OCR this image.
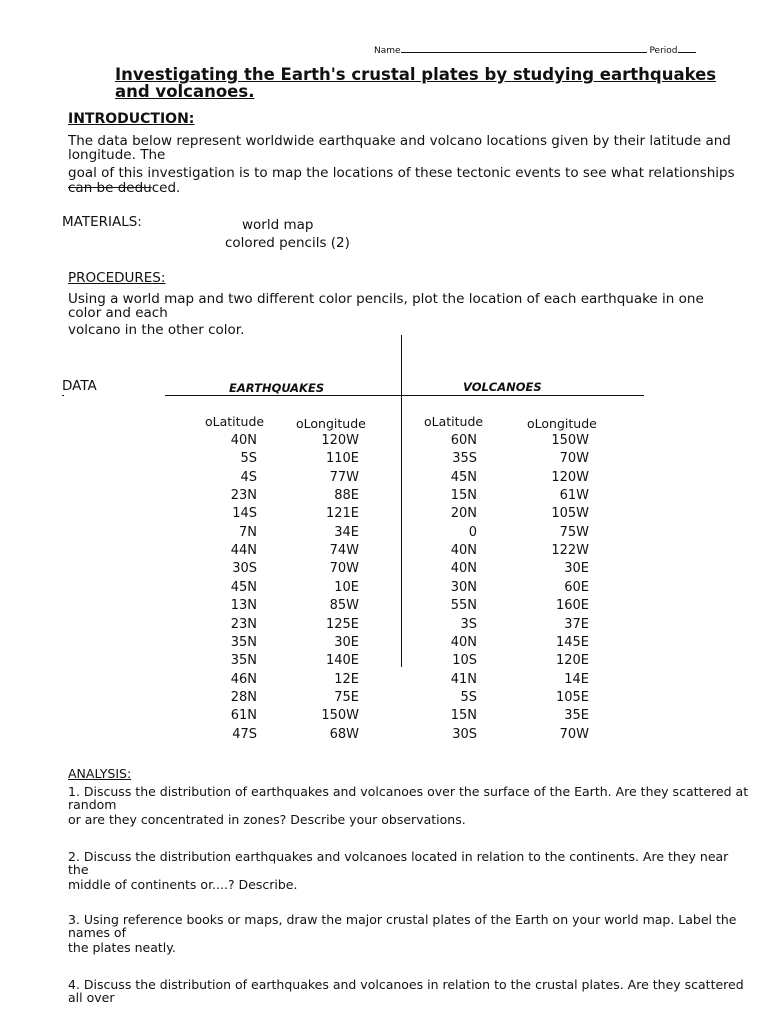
Name	Period
Investigating the Earth's crustal plates by studying earthquakes
and volcanoes.
INTRODUCTION:
The data below represent worldwide earthquake and volcano locations given by their latitude and
longitude. The
goal of this investigation is to map the locations of these tectonic events to see what relationships
can be deduced.
MATERIALS:	world map
colored pencils (2)
PROCEDURES:
Using a world map and two different color pencils, plot the location of each earthquake in one
color and each
volcano in the other color.
DATA	EARTHQUAKES	VOLCANOES
oLatitude	oLongitude	oLatitude	oLongitude
40N	120W	60N	150W
5S	110E	35S	70W
4S	77W	45N	120W
23N	88E	15N	61W
14S	121E	20N	105W
7N	34E	0	75W
44N	74W	40N	122W
30S	70W	40N	30E
45N	10E	30N	60E
13N	85W	55N	160E
23N	125E	3S	37E
35N	30E	40N	145E
35N	140E	10S	120E
46N	12E	41N	14E
28N	75E	5S	105E
61N	150W	15N	35E
47S	68W	30S	70W
ANALYSIS:
1. Discuss the distribution of earthquakes and volcanoes over the surface of the Earth. Are they scattered at
random
or are they concentrated in zones? Describe your observations.
2. Discuss the distribution earthquakes and volcanoes located in relation to the continents. Are they near
the
middle of continents or....? Describe.
3. Using reference books or maps, draw the major crustal plates of the Earth on your world map. Label the
names of
the plates neatly.
4. Discuss the distribution of earthquakes and volcanoes in relation to the crustal plates. Are they scattered
all over
